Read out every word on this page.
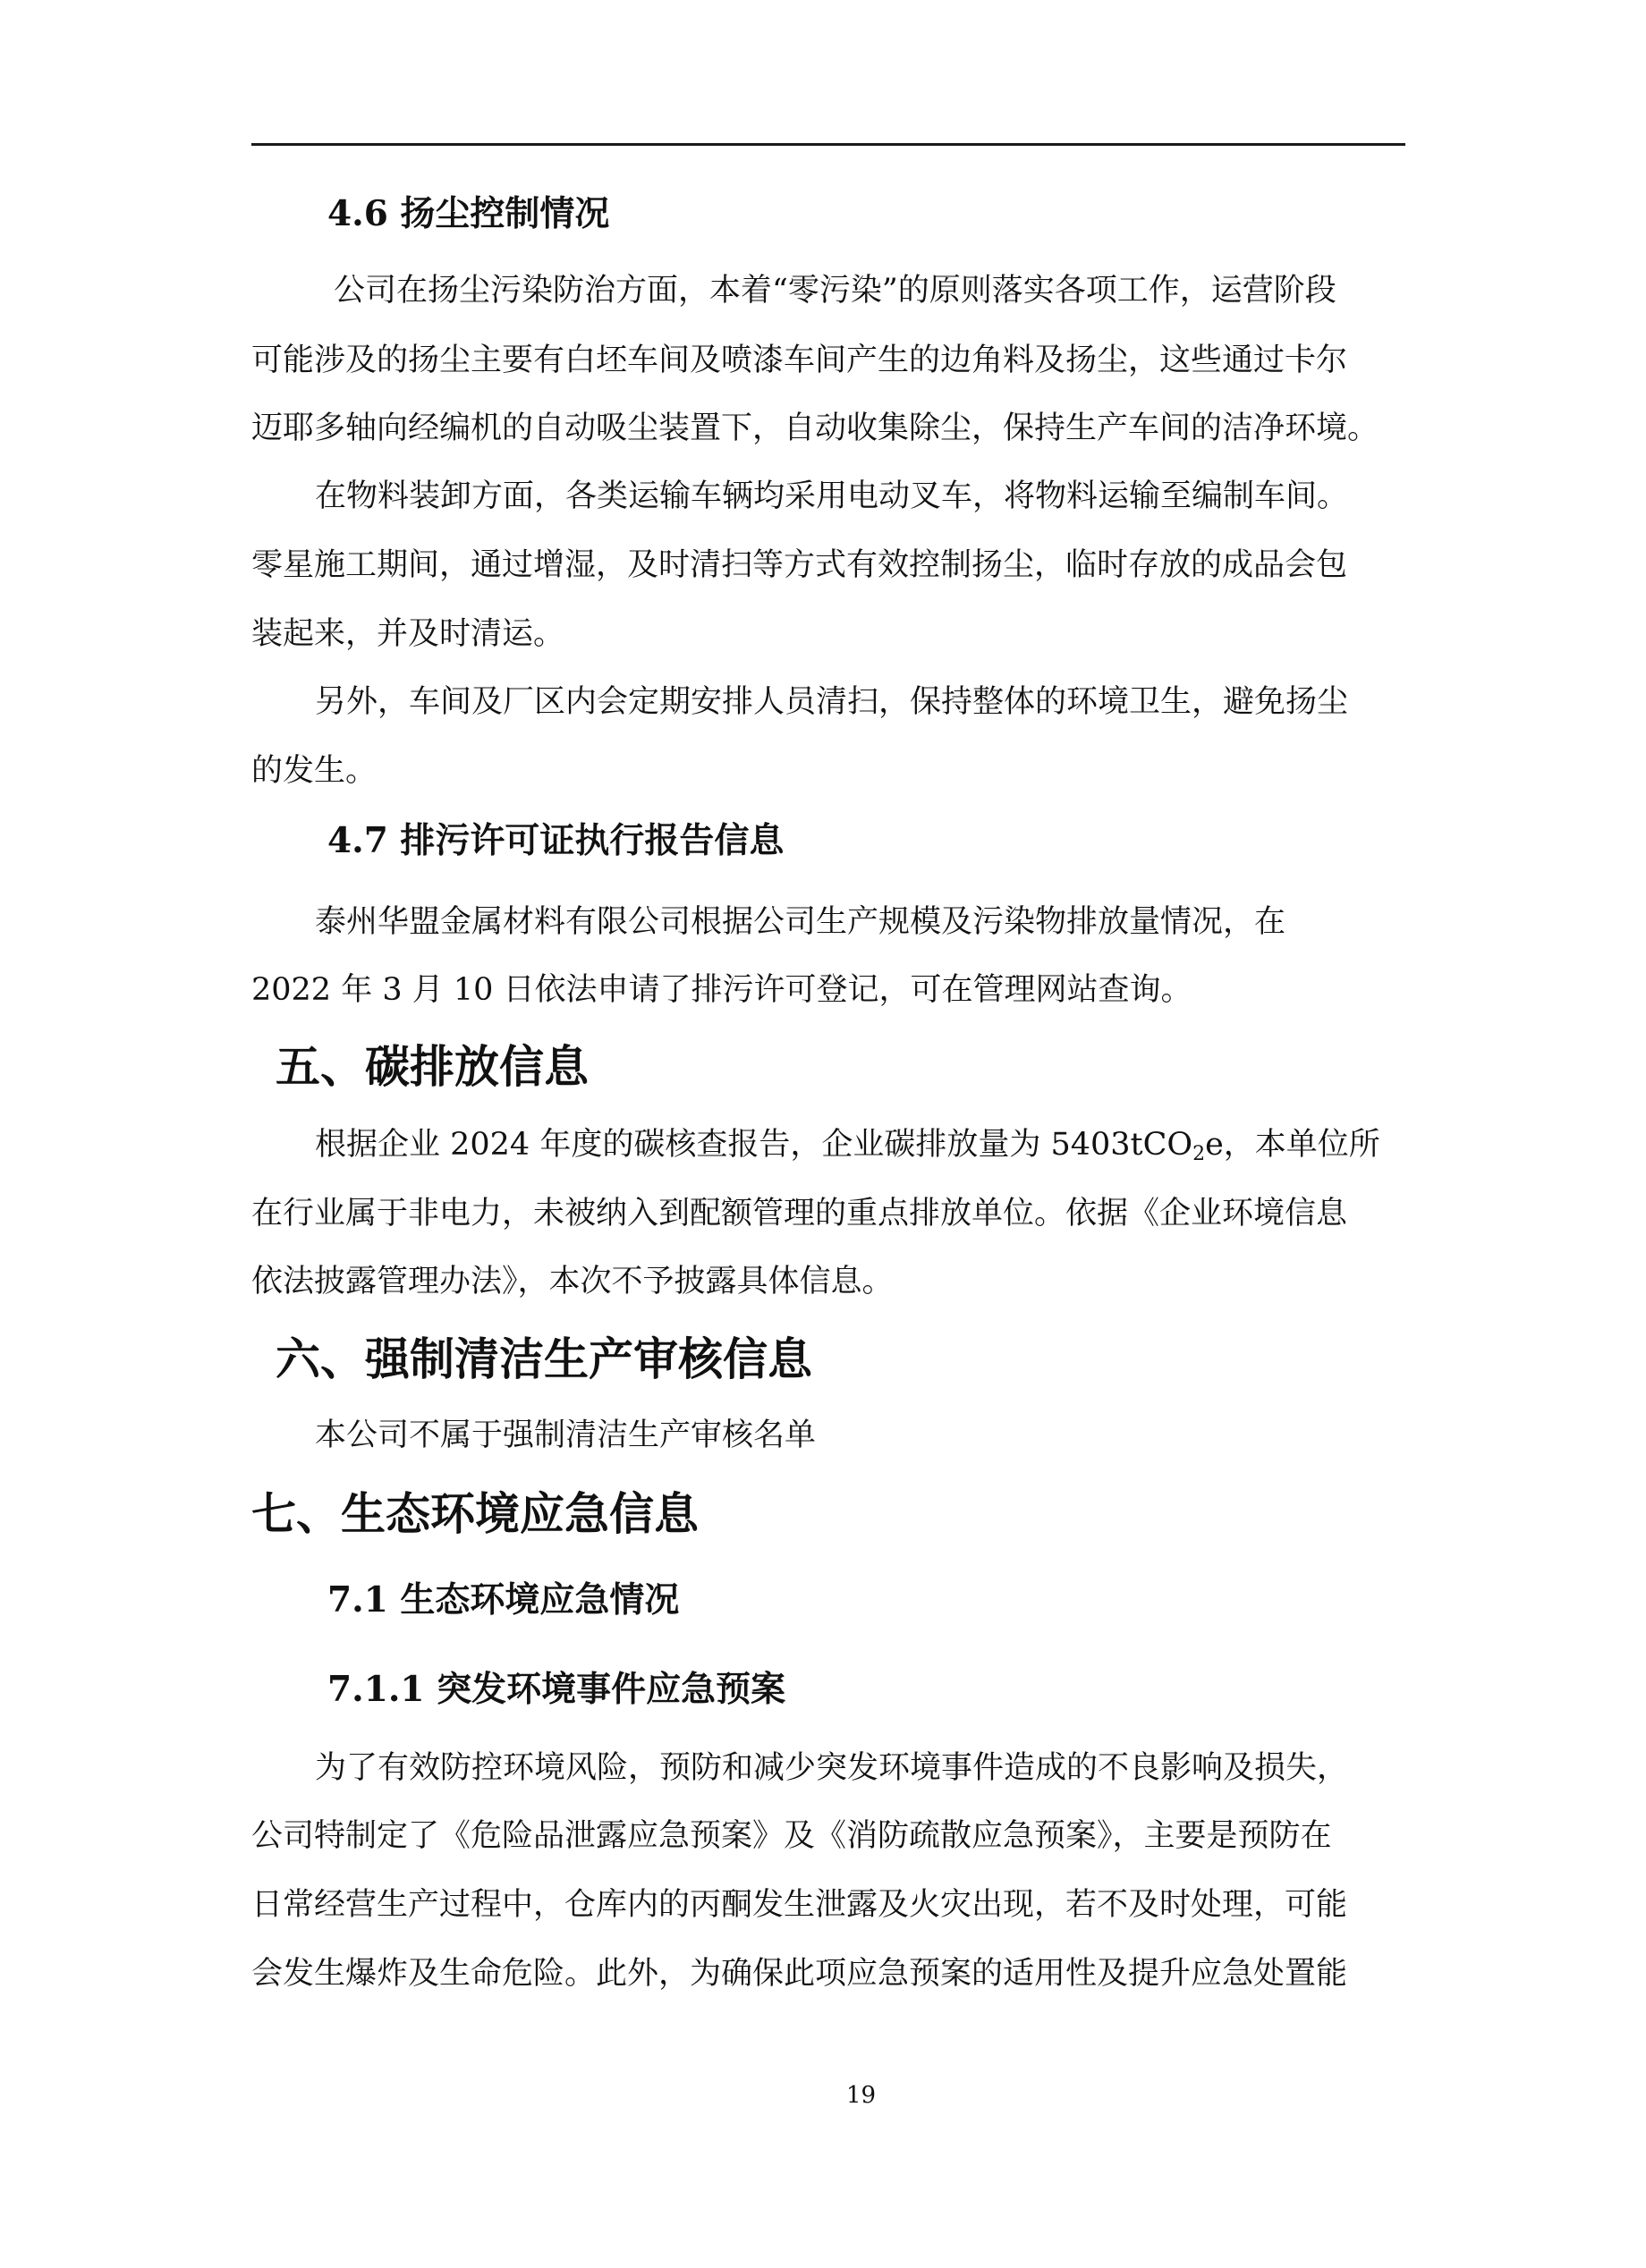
4.6 扬尘控制情况
公司在扬尘污染防治方面，本着“零污染”的原则落实各项工作，运营阶段
可能涉及的扬尘主要有白坯车间及喷漆车间产生的边角料及扬尘，这些通过卡尔
迈耶多轴向经编机的自动吸尘装置下，自动收集除尘，保持生产车间的洁净环境。
在物料装卸方面，各类运输车辆均采用电动叉车，将物料运输至编制车间。
零星施工期间，通过增湿，及时清扫等方式有效控制扬尘，临时存放的成品会包
装起来，并及时清运。
另外，车间及厂区内会定期安排人员清扫，保持整体的环境卫生，避免扬尘
的发生。
4.7 排污许可证执行报告信息
泰州华盟金属材料有限公司根据公司生产规模及污染物排放量情况，在
2022 年 3 月 10 日依法申请了排污许可登记，可在管理网站查询。
五、碳排放信息
根据企业 2024 年度的碳核查报告，企业碳排放量为 5403tCO$_2$e，本单位所
在行业属于非电力，未被纳入到配额管理的重点排放单位。依据《企业环境信息
依法披露管理办法》，本次不予披露具体信息。
六、强制清洁生产审核信息
本公司不属于强制清洁生产审核名单
七、生态环境应急信息
7.1 生态环境应急情况
7.1.1 突发环境事件应急预案
为了有效防控环境风险，预防和减少突发环境事件造成的不良影响及损失，
公司特制定了《危险品泄露应急预案》及《消防疏散应急预案》，主要是预防在
日常经营生产过程中，仓库内的丙酮发生泄露及火灾出现，若不及时处理，可能
会发生爆炸及生命危险。此外，为确保此项应急预案的适用性及提升应急处置能
19
